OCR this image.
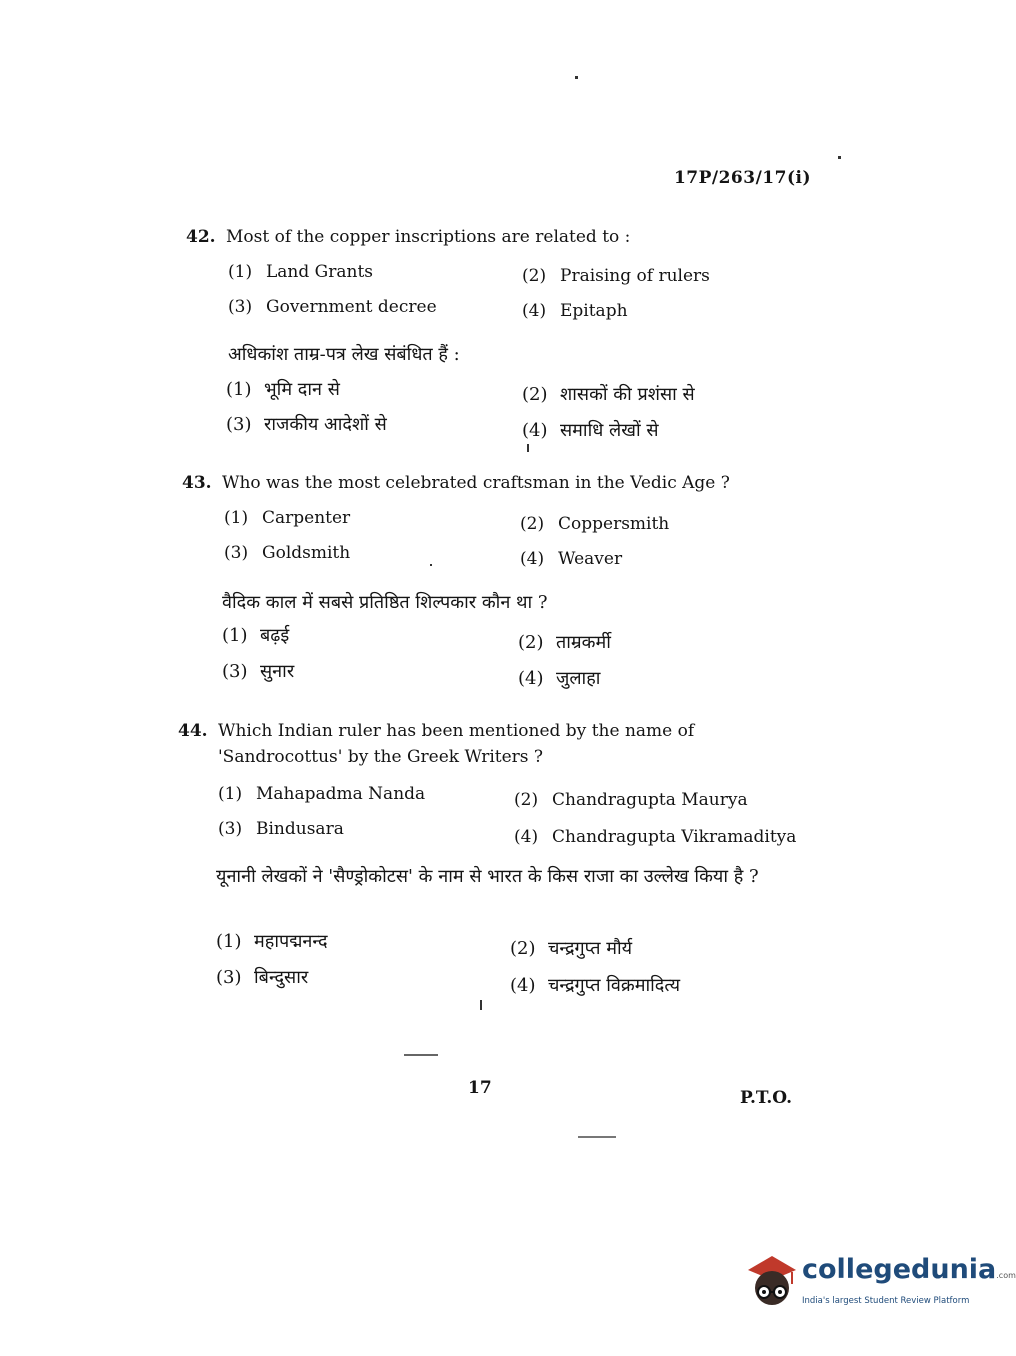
17P/263/17(i)
42. Most of the copper inscriptions are related to :
(1) Land Grants	(2) Praising of rulers
(3) Government decree	(4) Epitaph
अधिकांश ताम्र-पत्र लेख संबंधित हैं :
(1) भूमि दान से	(2) शासकों की प्रशंसा से
(3) राजकीय आदेशों से	(4) समाधि लेखों से
43. Who was the most celebrated craftsman in the Vedic Age ?
(1) Carpenter	(2) Coppersmith
(3) Goldsmith	(4) Weaver
वैदिक काल में सबसे प्रतिष्ठित शिल्पकार कौन था ?
(1) बढ़ई	(2) ताम्रकर्मी
(3) सुनार	(4) जुलाहा
44. Which Indian ruler has been mentioned by the name of 'Sandrocottus' by the Greek Writers ?
(1) Mahapadma Nanda	(2) Chandragupta Maurya
(3) Bindusara	(4) Chandragupta Vikramaditya
यूनानी लेखकों ने 'सैण्ड्रोकोटस' के नाम से भारत के किस राजा का उल्लेख किया है ?
(1) महापद्मनन्द	(2) चन्द्रगुप्त मौर्य
(3) बिन्दुसार	(4) चन्द्रगुप्त विक्रमादित्य
17	P.T.O.
collegedunia.com
India's largest Student Review Platform
